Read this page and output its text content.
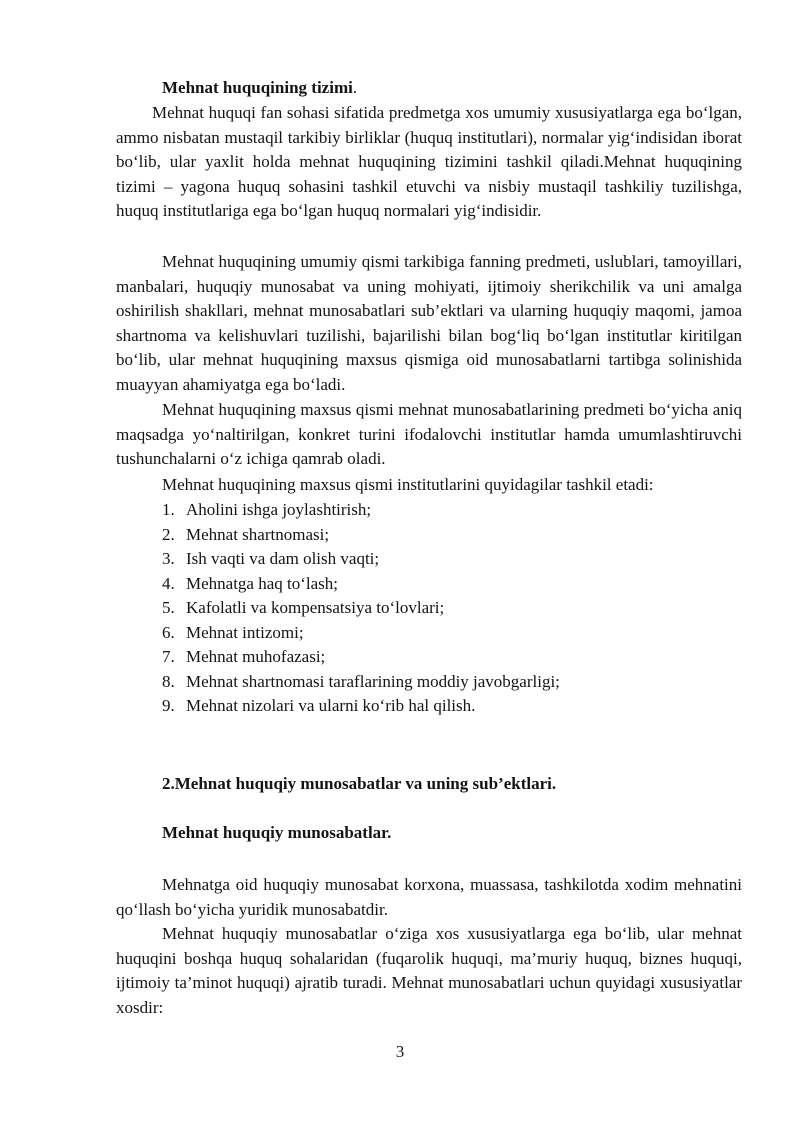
Mehnat huquqining tizimi.
Mehnat huquqi fan sohasi sifatida predmetga xos umumiy xususiyatlarga ega bo‘lgan, ammo nisbatan mustaqil tarkibiy birliklar (huquq institutlari), normalar yig‘indisidan iborat bo‘lib, ular yaxlit holda mehnat huquqining tizimini tashkil qiladi.Mehnat huquqining tizimi – yagona huquq sohasini tashkil etuvchi va nisbiy mustaqil tashkiliy tuzilishga, huquq institutlariga ega bo‘lgan huquq normalari yig‘indisidir.
Mehnat huquqining umumiy qismi tarkibiga fanning predmeti, uslublari, tamoyillari, manbalari, huquqiy munosabat va uning mohiyati, ijtimoiy sherikchilik va uni amalga oshirilish shakllari, mehnat munosabatlari sub’ektlari va ularning huquqiy maqomi, jamoa shartnoma va kelishuvlari tuzilishi, bajarilishi bilan bog‘liq bo‘lgan institutlar kiritilgan bo‘lib, ular mehnat huquqining maxsus qismiga oid munosabatlarni tartibga solinishida muayyan ahamiyatga ega bo‘ladi.
Mehnat huquqining maxsus qismi mehnat munosabatlarining predmeti bo‘yicha aniq maqsadga yo‘naltirilgan, konkret turini ifodalovchi institutlar hamda umumlashtiruvchi tushunchalarni o‘z ichiga qamrab oladi.
Mehnat huquqining maxsus qismi institutlarini quyidagilar tashkil etadi:
1. Aholini ishga joylashtirish;
2. Mehnat shartnomasi;
3. Ish vaqti va dam olish vaqti;
4. Mehnatga haq to‘lash;
5. Kafolatli va kompensatsiya to‘lovlari;
6. Mehnat intizomi;
7. Mehnat muhofazasi;
8. Mehnat shartnomasi taraflarining moddiy javobgarligi;
9. Mehnat nizolari va ularni ko‘rib hal qilish.
2.Mehnat huquqiy munosabatlar va uning sub’ektlari.
Mehnat huquqiy munosabatlar.
Mehnatga oid huquqiy munosabat korxona, muassasa, tashkilotda xodim mehnatini qo‘llash bo‘yicha yuridik munosabatdir.
Mehnat huquqiy munosabatlar o‘ziga xos xususiyatlarga ega bo‘lib, ular mehnat huquqini boshqa huquq sohalaridan (fuqarolik huquqi, ma’muriy huquq, biznes huquqi, ijtimoiy ta’minot huquqi) ajratib turadi. Mehnat munosabatlari uchun quyidagi xususiyatlar xosdir:
3
